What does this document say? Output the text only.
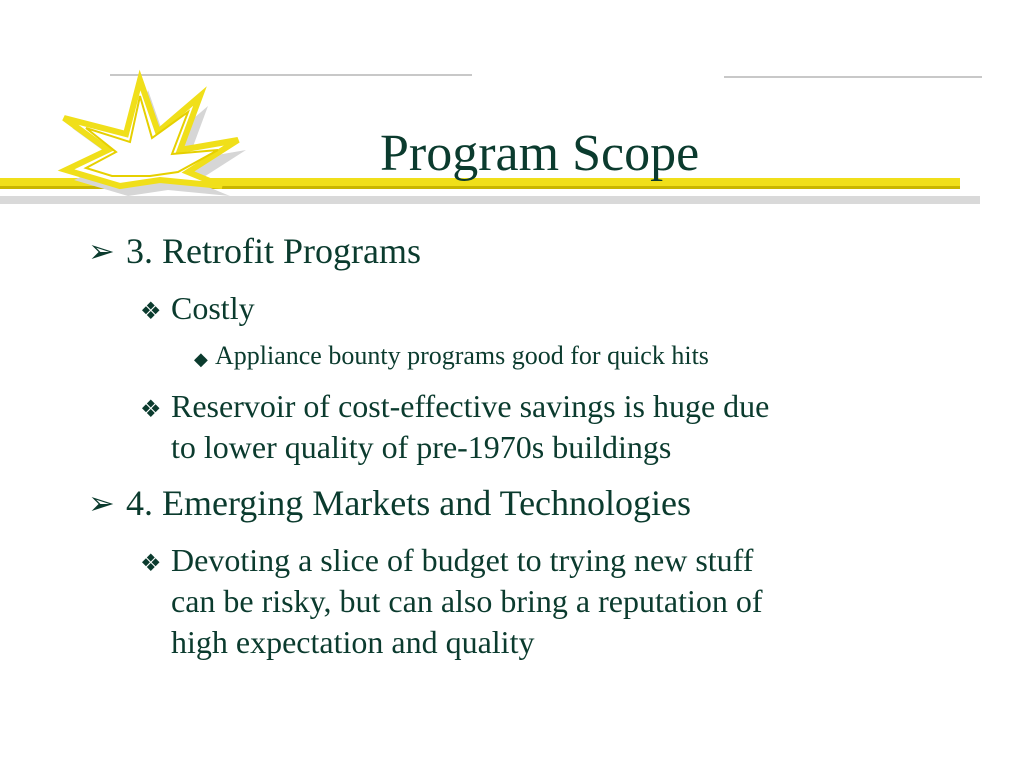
Program Scope
➢ 3. Retrofit Programs
❖ Costly
◆ Appliance bounty programs good for quick hits
❖ Reservoir of cost-effective savings is huge due
to lower quality of pre-1970s buildings
➢ 4. Emerging Markets and Technologies
❖ Devoting a slice of budget to trying new stuff
can be risky, but can also bring a reputation of
high expectation and quality
